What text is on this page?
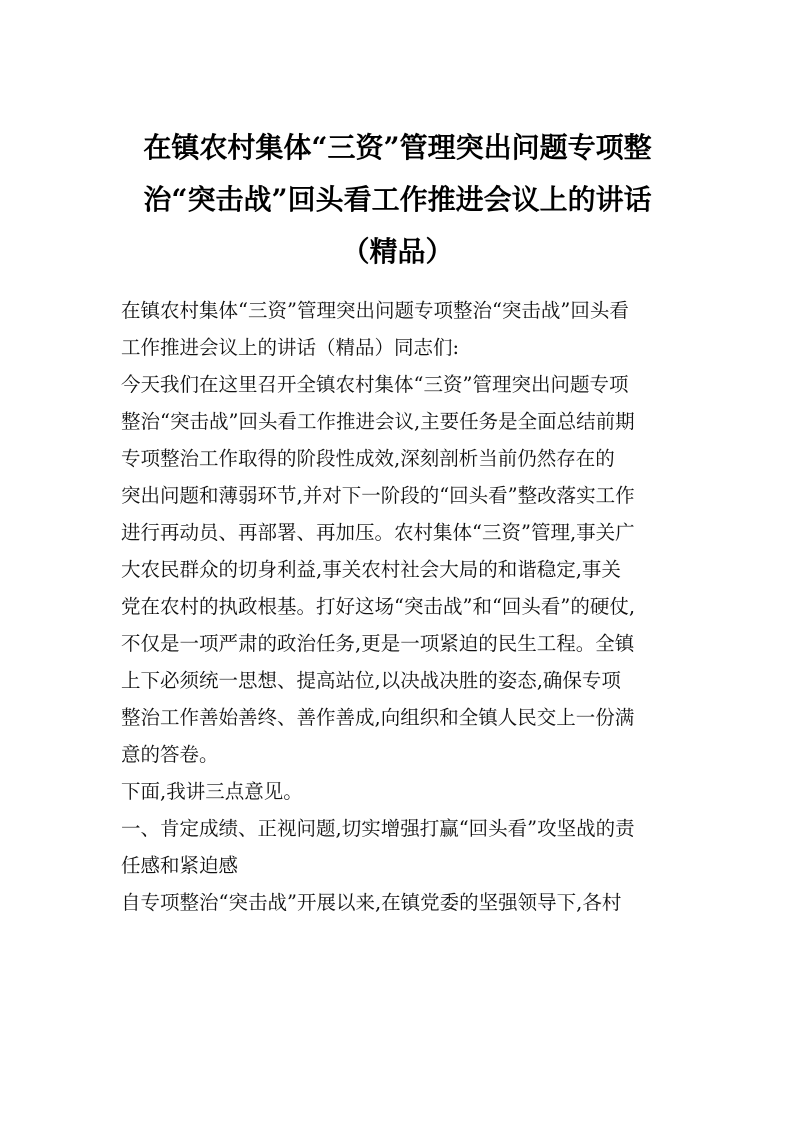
在镇农村集体“三资”管理突出问题专项整
治“突击战”回头看工作推进会议上的讲话
（精品）
在镇农村集体“三资”管理突出问题专项整治“突击战”回头看
工作推进会议上的讲话（精品）同志们:
今天我们在这里召开全镇农村集体“三资”管理突出问题专项
整治“突击战”回头看工作推进会议,主要任务是全面总结前期
专项整治工作取得的阶段性成效,深刻剖析当前仍然存在的
突出问题和薄弱环节,并对下一阶段的“回头看”整改落实工作
进行再动员、再部署、再加压。农村集体“三资”管理,事关广
大农民群众的切身利益,事关农村社会大局的和谐稳定,事关
党在农村的执政根基。打好这场“突击战”和“回头看”的硬仗,
不仅是一项严肃的政治任务,更是一项紧迫的民生工程。全镇
上下必须统一思想、提高站位,以决战决胜的姿态,确保专项
整治工作善始善终、善作善成,向组织和全镇人民交上一份满
意的答卷。
下面,我讲三点意见。
一、肯定成绩、正视问题,切实增强打赢“回头看”攻坚战的责
任感和紧迫感
自专项整治“突击战”开展以来,在镇党委的坚强领导下,各村
